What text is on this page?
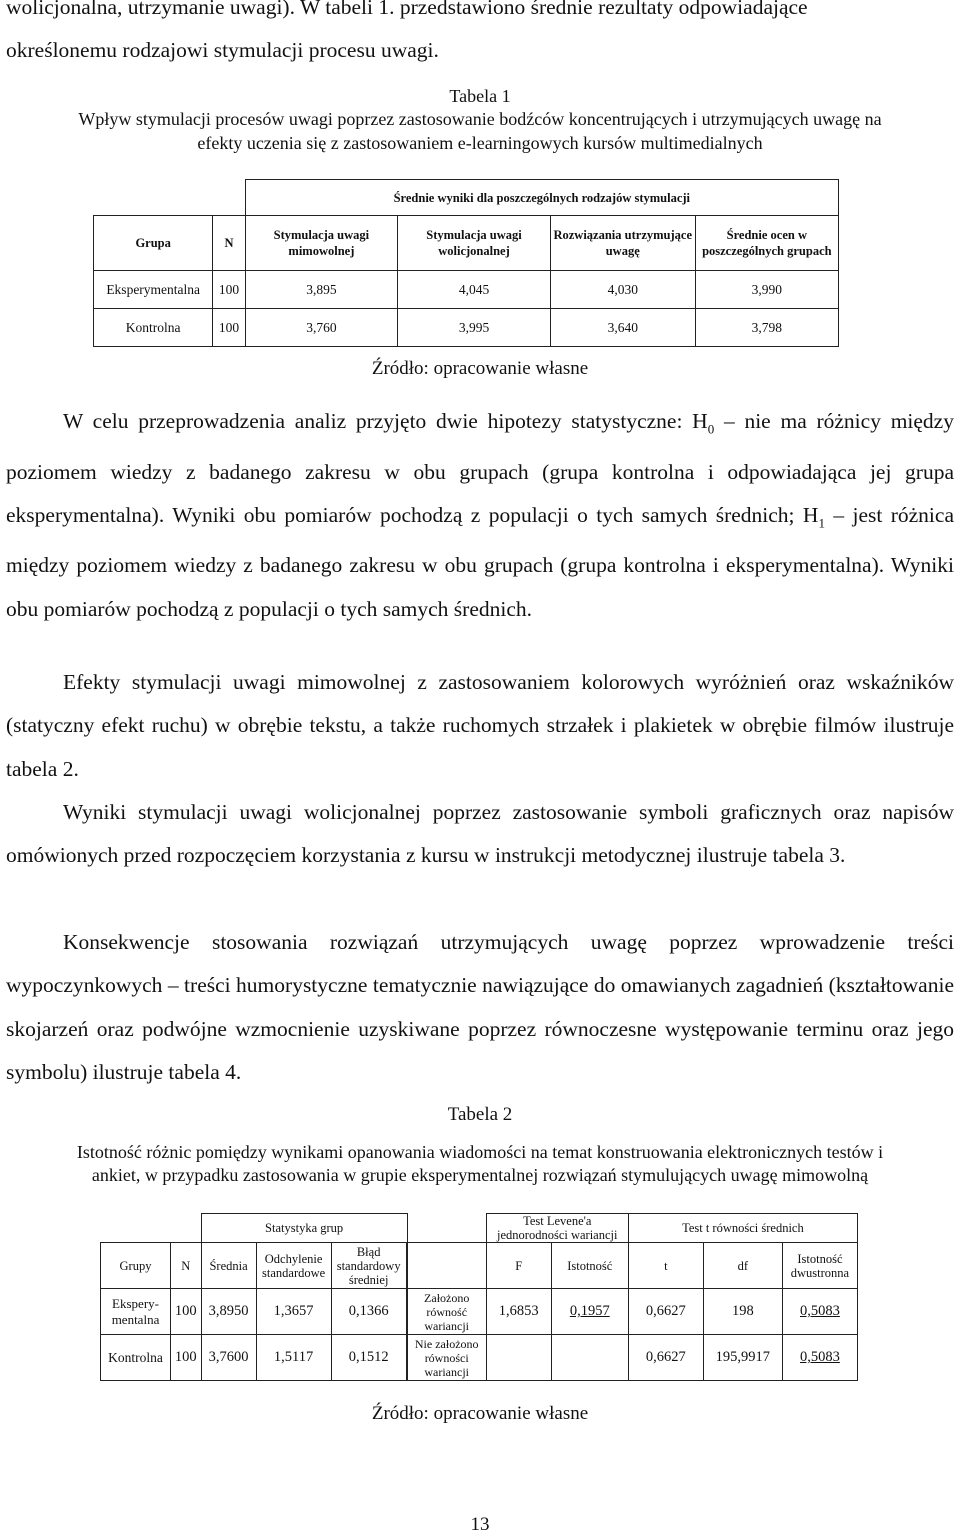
wolicjonalna, utrzymanie uwagi). W tabeli 1. przedstawiono średnie rezultaty odpowiadające
określonemu rodzajowi stymulacji procesu uwagi.
Tabela 1
Wpływ stymulacji procesów uwagi poprzez zastosowanie bodźców koncentrujących i utrzymujących uwagę na
efekty uczenia się z zastosowaniem e-learningowych kursów multimedialnych
		Średnie wyniki dla poszczególnych rodzajów stymulacji			
Grupa	N	Stymulacja uwagi mimowolnej	Stymulacja uwagi wolicjonalnej	Rozwiązania utrzymujące uwagę	Średnie ocen w poszczególnych grupach
Eksperymentalna	100	3,895	4,045	4,030	3,990
Kontrolna	100	3,760	3,995	3,640	3,798
Źródło: opracowanie własne
W celu przeprowadzenia analiz przyjęto dwie hipotezy statystyczne: $H_0$ – nie ma różnicy między poziomem wiedzy z badanego zakresu w obu grupach (grupa kontrolna i odpowiadająca jej grupa eksperymentalna). Wyniki obu pomiarów pochodzą z populacji o tych samych średnich; $H_1$ – jest różnica między poziomem wiedzy z badanego zakresu w obu grupach (grupa kontrolna i eksperymentalna). Wyniki obu pomiarów pochodzą z populacji o tych samych średnich.
Efekty stymulacji uwagi mimowolnej z zastosowaniem kolorowych wyróżnień oraz wskaźników (statyczny efekt ruchu) w obrębie tekstu, a także ruchomych strzałek i plakietek w obrębie filmów ilustruje tabela 2.
Wyniki stymulacji uwagi wolicjonalnej poprzez zastosowanie symboli graficznych oraz napisów omówionych przed rozpoczęciem korzystania z kursu w instrukcji metodycznej ilustruje tabela 3.
Konsekwencje stosowania rozwiązań utrzymujących uwagę poprzez wprowadzenie treści wypoczynkowych – treści humorystyczne tematycznie nawiązujące do omawianych zagadnień (kształtowanie skojarzeń oraz podwójne wzmocnienie uzyskiwane poprzez równoczesne występowanie terminu oraz jego symbolu) ilustruje tabela 4.
Tabela 2
Istotność różnic pomiędzy wynikami opanowania wiadomości na temat konstruowania elektronicznych testów i
ankiet, w przypadku zastosowania w grupie eksperymentalnej rozwiązań stymulujących uwagę mimowolną
		Statystyka grup				Test Levene'a jednorodności wariancji		Test t równości średnich		
Grupy	N	Średnia	Odchylenie standardowe	Błąd standardowy średniej			F	Istotność	t	df	Istotność dwustronna
Ekspery-mentalna	100	3,8950	1,3657	0,1366		Założono równość wariancji	1,6853	0,1957	0,6627	198	0,5083
Kontrolna	100	3,7600	1,5117	0,1512		Nie założono równości wariancji			0,6627	195,9917	0,5083
Źródło: opracowanie własne
13
